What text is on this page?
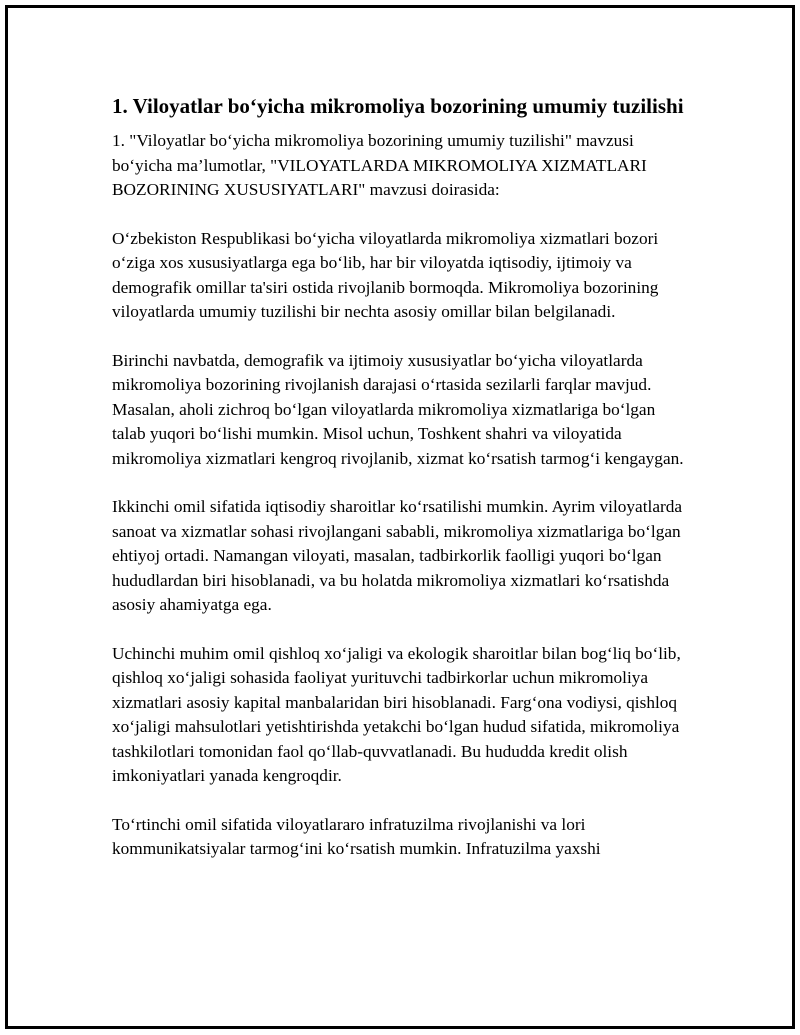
1. Viloyatlar bo‘yicha mikromoliya bozorining umumiy tuzilishi

1. "Viloyatlar bo‘yicha mikromoliya bozorining umumiy tuzilishi" mavzusi bo‘yicha ma’lumotlar, "VILOYATLARDA MIKROMOLIYA XIZMATLARI BOZORINING XUSUSIYATLARI" mavzusi doirasida:

O‘zbekiston Respublikasi bo‘yicha viloyatlarda mikromoliya xizmatlari bozori o‘ziga xos xususiyatlarga ega bo‘lib, har bir viloyatda iqtisodiy, ijtimoiy va demografik omillar ta'siri ostida rivojlanib bormoqda. Mikromoliya bozorining viloyatlarda umumiy tuzilishi bir nechta asosiy omillar bilan belgilanadi.

Birinchi navbatda, demografik va ijtimoiy xususiyatlar bo‘yicha viloyatlarda mikromoliya bozorining rivojlanish darajasi o‘rtasida sezilarli farqlar mavjud. Masalan, aholi zichroq bo‘lgan viloyatlarda mikromoliya xizmatlariga bo‘lgan talab yuqori bo‘lishi mumkin. Misol uchun, Toshkent shahri va viloyatida mikromoliya xizmatlari kengroq rivojlanib, xizmat ko‘rsatish tarmog‘i kengaygan.

Ikkinchi omil sifatida iqtisodiy sharoitlar ko‘rsatilishi mumkin. Ayrim viloyatlarda sanoat va xizmatlar sohasi rivojlangani sababli, mikromoliya xizmatlariga bo‘lgan ehtiyoj ortadi. Namangan viloyati, masalan, tadbirkorlik faolligi yuqori bo‘lgan hududlardan biri hisoblanadi, va bu holatda mikromoliya xizmatlari ko‘rsatishda asosiy ahamiyatga ega.

Uchinchi muhim omil qishloq xo‘jaligi va ekologik sharoitlar bilan bog‘liq bo‘lib, qishloq xo‘jaligi sohasida faoliyat yurituvchi tadbirkorlar uchun mikromoliya xizmatlari asosiy kapital manbalaridan biri hisoblanadi. Farg‘ona vodiysi, qishloq xo‘jaligi mahsulotlari yetishtirishda yetakchi bo‘lgan hudud sifatida, mikromoliya tashkilotlari tomonidan faol qo‘llab-quvvatlanadi. Bu hududda kredit olish imkoniyatlari yanada kengroqdir.

To‘rtinchi omil sifatida viloyatlararo infratuzilma rivojlanishi va lori kommunikatsiyalar tarmog‘ini ko‘rsatish mumkin. Infratuzilma yaxshi
